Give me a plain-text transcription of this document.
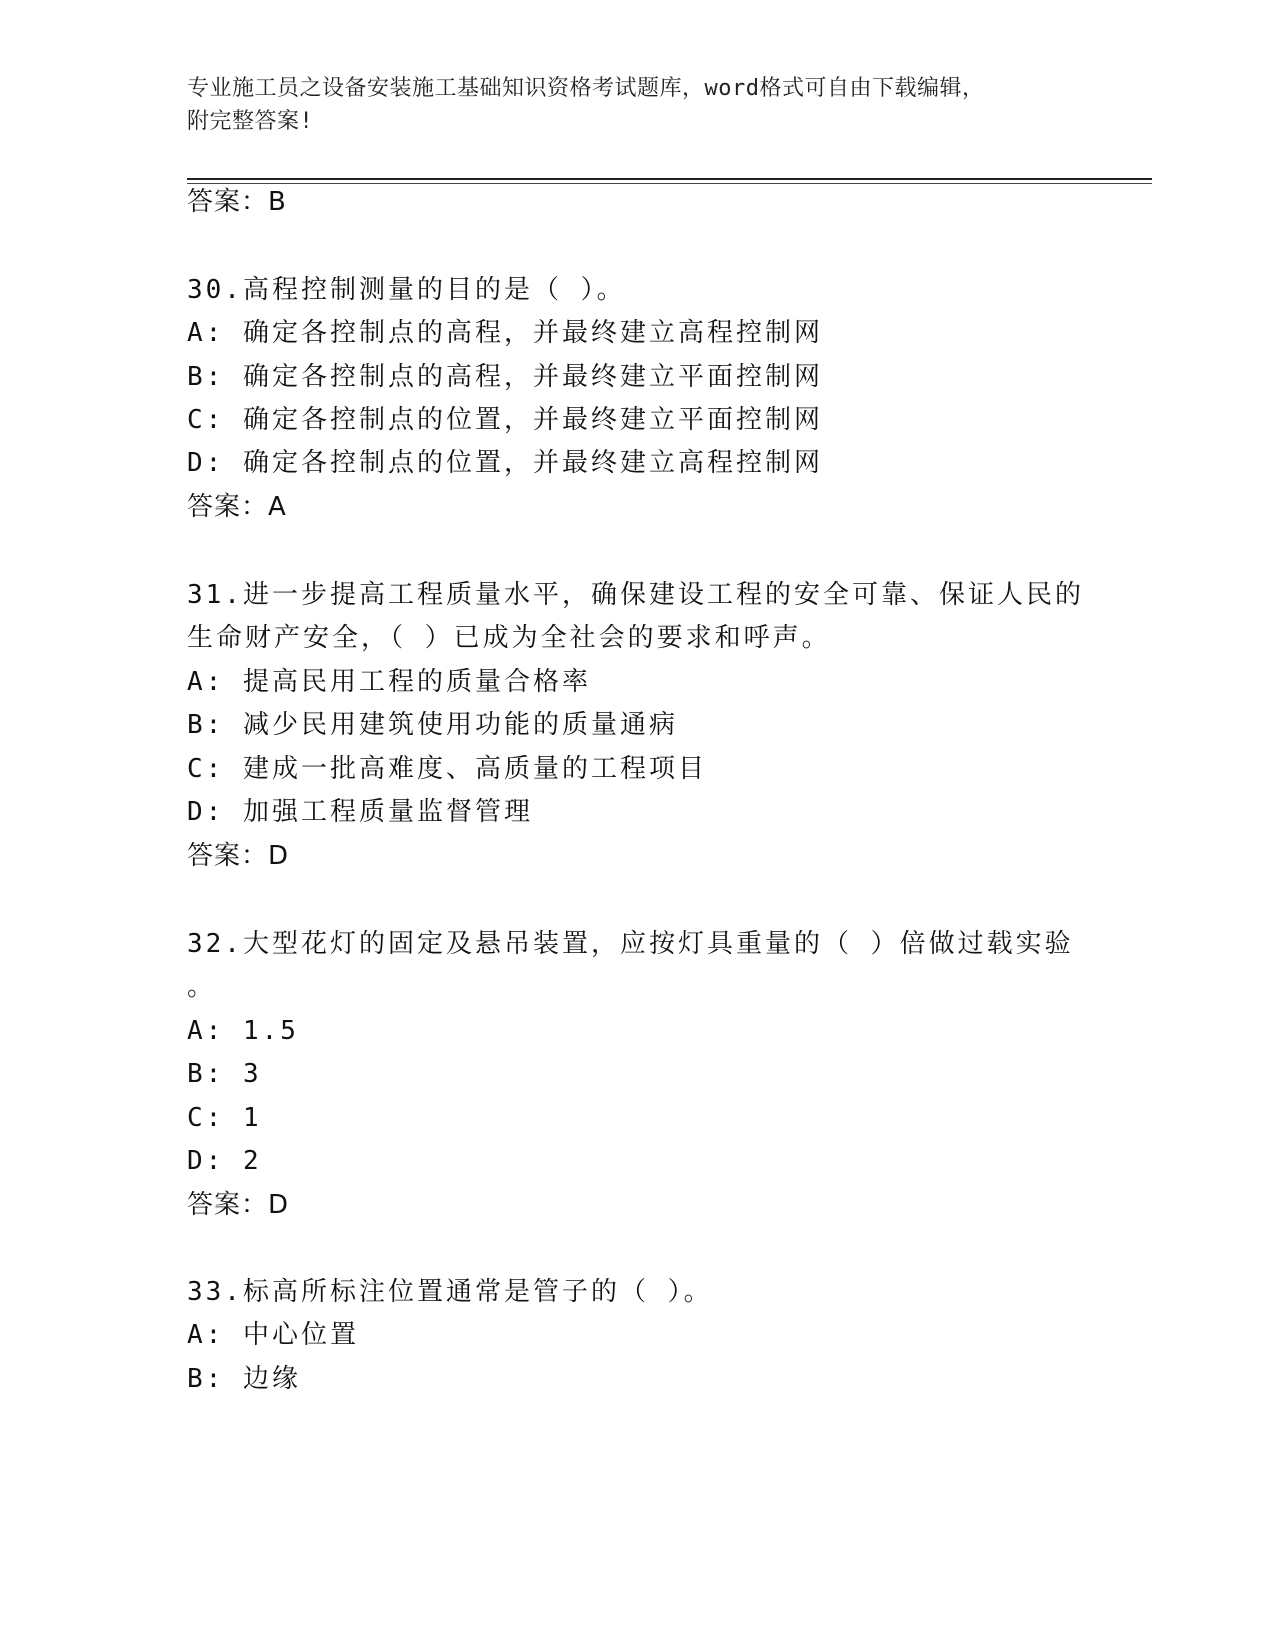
专业施工员之设备安装施工基础知识资格考试题库，word格式可自由下载编辑，
附完整答案!
答案：B
30.高程控制测量的目的是（ ）。
A: 确定各控制点的高程，并最终建立高程控制网
B: 确定各控制点的高程，并最终建立平面控制网
C: 确定各控制点的位置，并最终建立平面控制网
D: 确定各控制点的位置，并最终建立高程控制网
答案：A
31.进一步提高工程质量水平，确保建设工程的安全可靠、保证人民的
生命财产安全，（ ）已成为全社会的要求和呼声。
A: 提高民用工程的质量合格率
B: 减少民用建筑使用功能的质量通病
C: 建成一批高难度、高质量的工程项目
D: 加强工程质量监督管理
答案：D
32.大型花灯的固定及悬吊装置，应按灯具重量的（ ）倍做过载实验
。
A: 1.5
B: 3
C: 1
D: 2
答案：D
33.标高所标注位置通常是管子的（ ）。
A: 中心位置
B: 边缘
